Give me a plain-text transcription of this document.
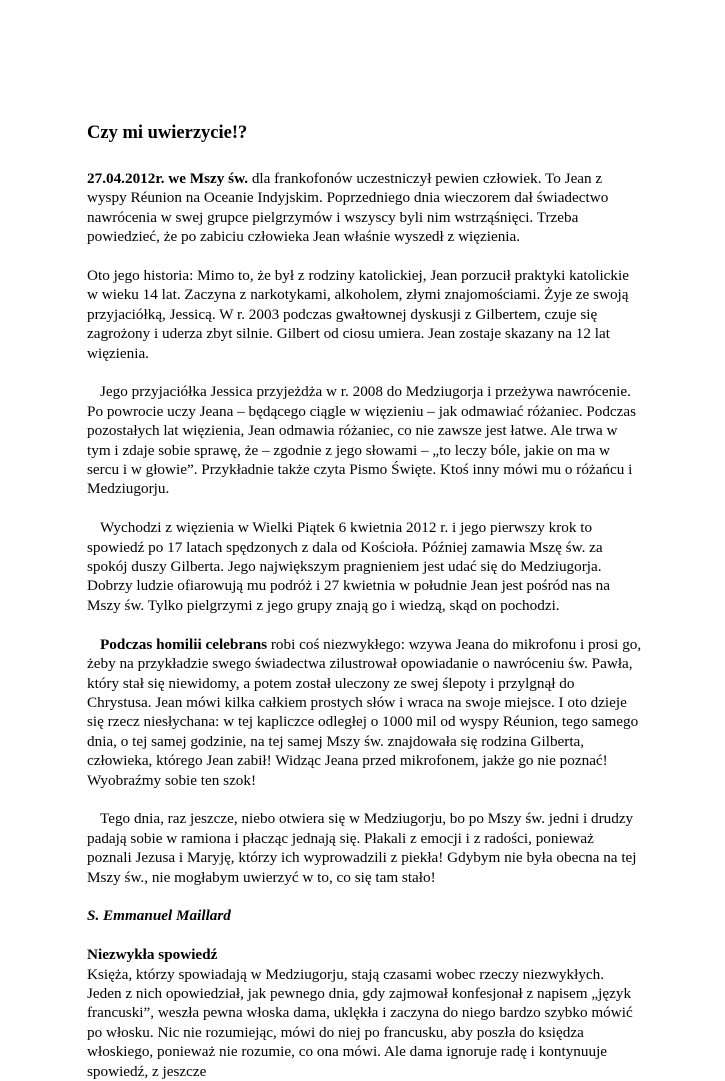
Czy mi uwierzycie!?

27.04.2012r. we Mszy św. dla frankofonów uczestniczył pewien człowiek. To Jean z wyspy Réunion na Oceanie Indyjskim. Poprzedniego dnia wieczorem dał świadectwo nawrócenia w swej grupce pielgrzymów i wszyscy byli nim wstrząśnięci. Trzeba powiedzieć, że po zabiciu człowieka Jean właśnie wyszedł z więzienia.

Oto jego historia: Mimo to, że był z rodziny katolickiej, Jean porzucił praktyki katolickie w wieku 14 lat. Zaczyna z narkotykami, alkoholem, złymi znajomościami. Żyje ze swoją przyjaciółką, Jessicą. W r. 2003 podczas gwałtownej dyskusji z Gilbertem, czuje się zagrożony i uderza zbyt silnie. Gilbert od ciosu umiera. Jean zostaje skazany na 12 lat więzienia.

Jego przyjaciółka Jessica przyjeżdża w r. 2008 do Medziugorja i przeżywa nawrócenie. Po powrocie uczy Jeana – będącego ciągle w więzieniu – jak odmawiać różaniec. Podczas pozostałych lat więzienia, Jean odmawia różaniec, co nie zawsze jest łatwe. Ale trwa w tym i zdaje sobie sprawę, że – zgodnie z jego słowami – „to leczy bóle, jakie on ma w sercu i w głowie”. Przykładnie także czyta Pismo Święte. Ktoś inny mówi mu o różańcu i Medziugorju.

Wychodzi z więzienia w Wielki Piątek 6 kwietnia 2012 r. i jego pierwszy krok to spowiedź po 17 latach spędzonych z dala od Kościoła. Później zamawia Mszę św. za spokój duszy Gilberta. Jego największym pragnieniem jest udać się do Medziugorja. Dobrzy ludzie ofiarowują mu podróż i 27 kwietnia w południe Jean jest pośród nas na Mszy św. Tylko pielgrzymi z jego grupy znają go i wiedzą, skąd on pochodzi.

Podczas homilii celebrans robi coś niezwykłego: wzywa Jeana do mikrofonu i prosi go, żeby na przykładzie swego świadectwa zilustrował opowiadanie o nawróceniu św. Pawła, który stał się niewidomy, a potem został uleczony ze swej ślepoty i przylgnął do Chrystusa. Jean mówi kilka całkiem prostych słów i wraca na swoje miejsce. I oto dzieje się rzecz niesłychana: w tej kapliczce odległej o 1000 mil od wyspy Réunion, tego samego dnia, o tej samej godzinie, na tej samej Mszy św. znajdowała się rodzina Gilberta, człowieka, którego Jean zabił! Widząc Jeana przed mikrofonem, jakże go nie poznać! Wyobraźmy sobie ten szok!

Tego dnia, raz jeszcze, niebo otwiera się w Medziugorju, bo po Mszy św. jedni i drudzy padają sobie w ramiona i płacząc jednają się. Płakali z emocji i z radości, ponieważ poznali Jezusa i Maryję, którzy ich wyprowadzili z piekła! Gdybym nie była obecna na tej Mszy św., nie mogłabym uwierzyć w to, co się tam stało!

S. Emmanuel Maillard

Niezwykła spowiedź

Księża, którzy spowiadają w Medziugorju, stają czasami wobec rzeczy niezwykłych.

Jeden z nich opowiedział, jak pewnego dnia, gdy zajmował konfesjonał z napisem „język francuski”, weszła pewna włoska dama, uklękła i zaczyna do niego bardzo szybko mówić po włosku. Nic nie rozumiejąc, mówi do niej po francusku, aby poszła do księdza włoskiego, ponieważ nie rozumie, co ona mówi. Ale dama ignoruje radę i kontynuuje spowiedź, z jeszcze
